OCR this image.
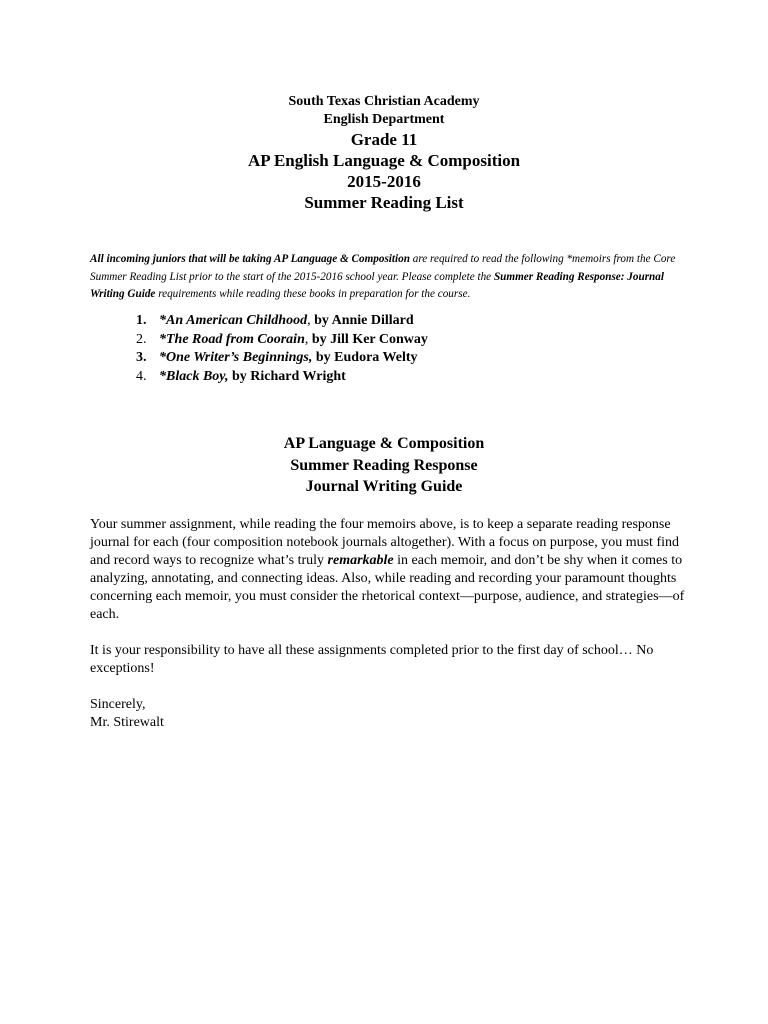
South Texas Christian Academy
English Department
Grade 11
AP English Language & Composition
2015-2016
Summer Reading List
All incoming juniors that will be taking AP Language & Composition are required to read the following *memoirs from the Core Summer Reading List prior to the start of the 2015-2016 school year. Please complete the Summer Reading Response: Journal Writing Guide requirements while reading these books in preparation for the course.
1. *An American Childhood, by Annie Dillard
2. *The Road from Coorain, by Jill Ker Conway
3. *One Writer’s Beginnings, by Eudora Welty
4. *Black Boy, by Richard Wright
AP Language & Composition
Summer Reading Response
Journal Writing Guide

Your summer assignment, while reading the four memoirs above, is to keep a separate reading response journal for each (four composition notebook journals altogether). With a focus on purpose, you must find and record ways to recognize what’s truly remarkable in each memoir, and don’t be shy when it comes to analyzing, annotating, and connecting ideas. Also, while reading and recording your paramount thoughts concerning each memoir, you must consider the rhetorical context—purpose, audience, and strategies—of each.

It is your responsibility to have all these assignments completed prior to the first day of school… No exceptions!

Sincerely,
Mr. Stirewalt
